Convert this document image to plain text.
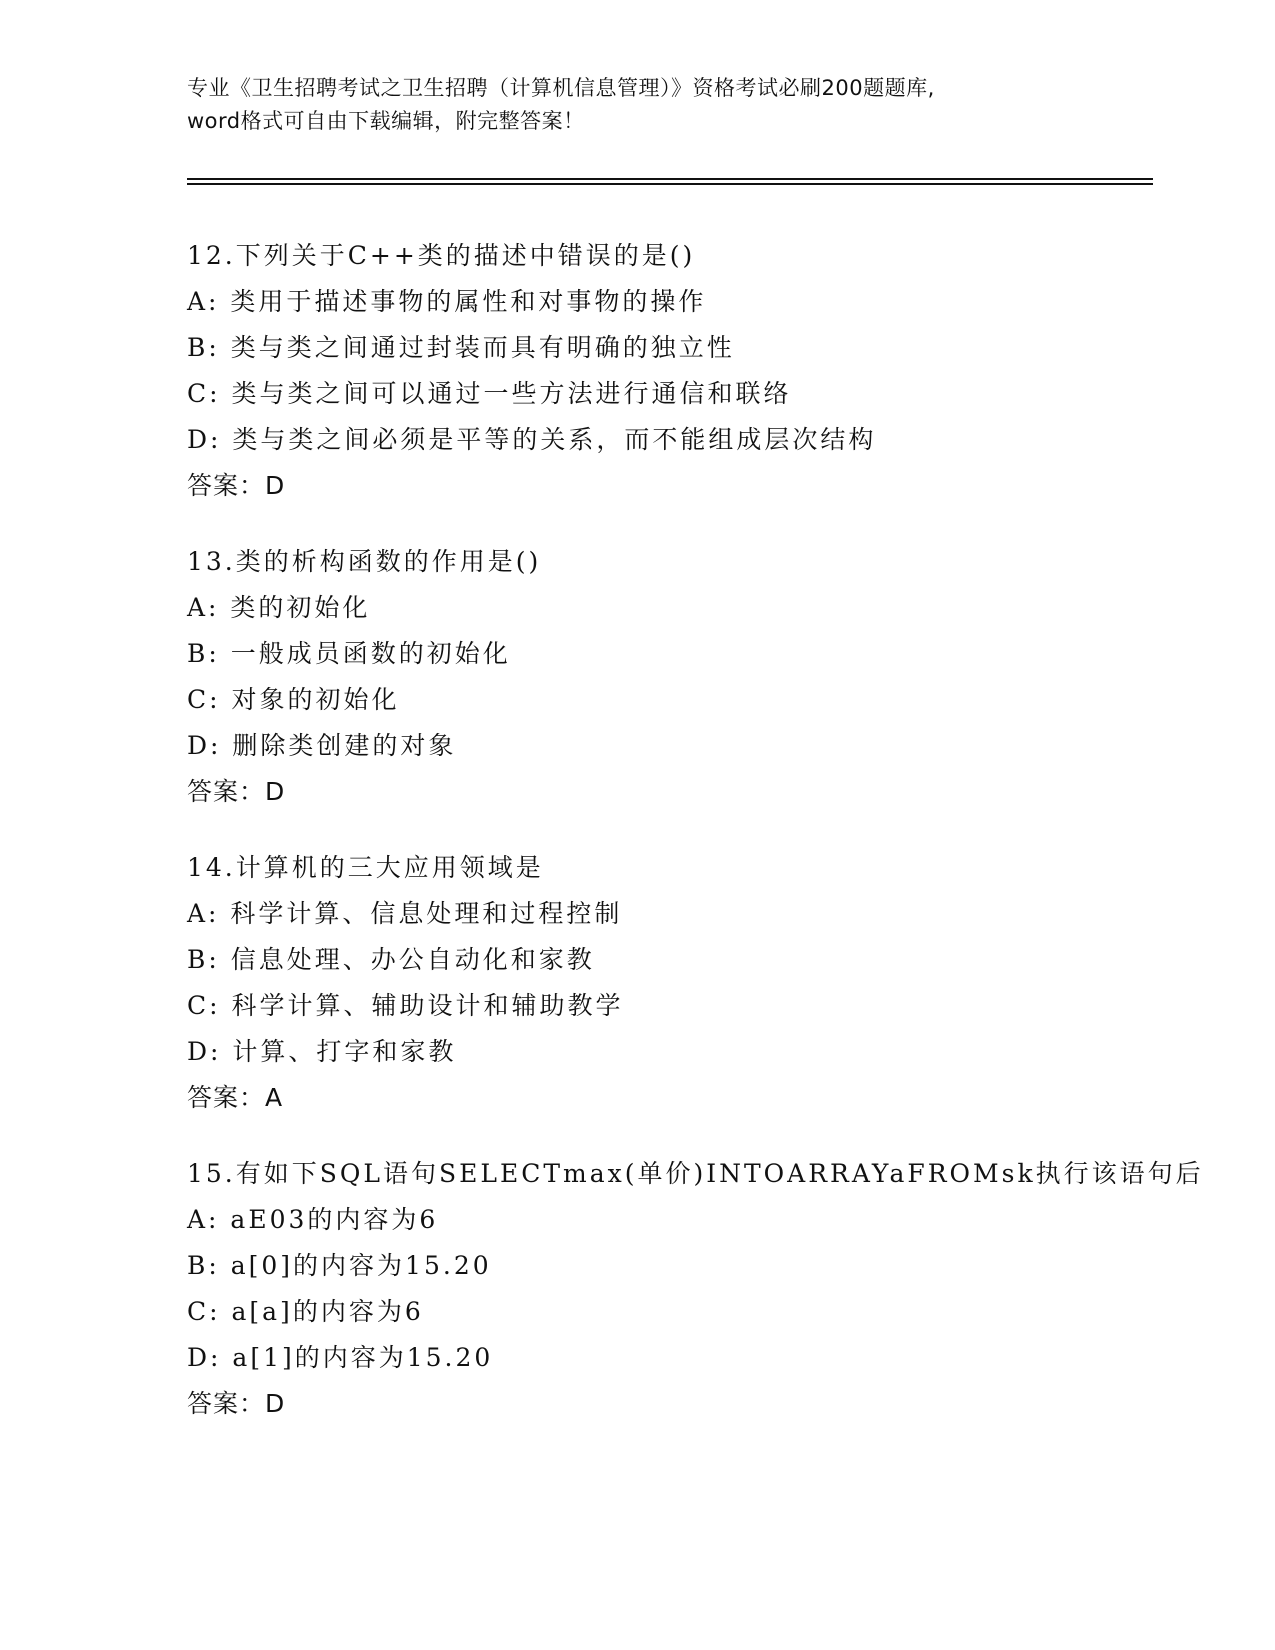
专业《卫生招聘考试之卫生招聘（计算机信息管理）》资格考试必刷200题题库,
word格式可自由下载编辑，附完整答案！
12.下列关于C++类的描述中错误的是()
A: 类用于描述事物的属性和对事物的操作
B: 类与类之间通过封装而具有明确的独立性
C: 类与类之间可以通过一些方法进行通信和联络
D: 类与类之间必须是平等的关系，而不能组成层次结构
答案：D
13.类的析构函数的作用是()
A: 类的初始化
B: 一般成员函数的初始化
C: 对象的初始化
D: 删除类创建的对象
答案：D
14.计算机的三大应用领域是
A: 科学计算、信息处理和过程控制
B: 信息处理、办公自动化和家教
C: 科学计算、辅助设计和辅助教学
D: 计算、打字和家教
答案：A
15.有如下SQL语句SELECTmax(单价)INTOARRAYaFROMsk执行该语句后
A: aE03的内容为6
B: a[0]的内容为15.20
C: a[a]的内容为6
D: a[1]的内容为15.20
答案：D
